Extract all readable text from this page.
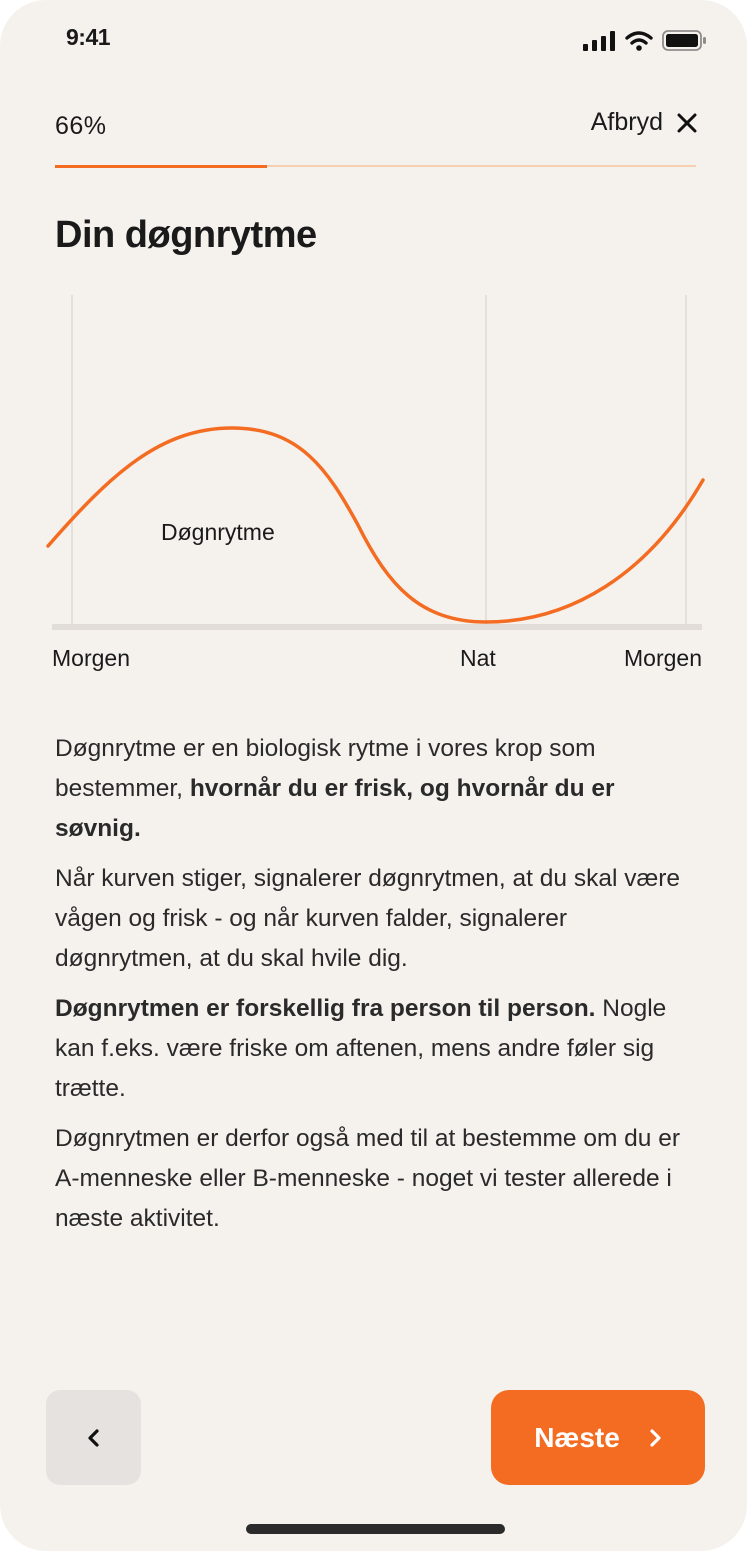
9:41
66%	Afbryd
Din døgnrytme
Døgnrytme
Morgen	Nat	Morgen

Døgnrytme er en biologisk rytme i vores krop som bestemmer, hvornår du er frisk, og hvornår du er søvnig.

Når kurven stiger, signalerer døgnrytmen, at du skal være vågen og frisk - og når kurven falder, signalerer døgnrytmen, at du skal hvile dig.

Døgnrytmen er forskellig fra person til person. Nogle kan f.eks. være friske om aftenen, mens andre føler sig trætte.

Døgnrytmen er derfor også med til at bestemme om du er A-menneske eller B-menneske - noget vi tester allerede i næste aktivitet.

Næste
